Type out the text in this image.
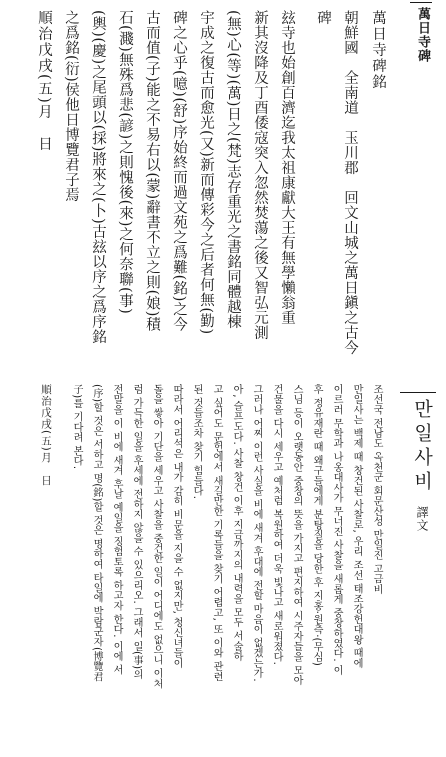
萬日寺碑
萬日寺碑銘
朝鮮國　全南道　玉川郡　回文山城之萬日鎭之古今
碑
玆寺也始創百濟迄我太祖康獻大王有無學懶翁重
新其沒降及丁酉倭寇突入忽然焚蕩之後又智弘元測
(無)心(等)(萬)日之(梵)志存重光之書銘同體越棟
宇成之復古而愈光(又)新而傳彩今之后者何無(勤)
碑之心乎(噫)(舒)序始終而過文苑之爲難(銘)之今
古而值(子)能之不易右以(蒙)辭書不立之則(娘)積
石(濺)無殊爲悲(諺)之則愧後(來)之何奈聯(事)
(輿)(慶)之尾頭以(採)將來之(卜)古玆以序之爲序銘
之爲銘(衍)侯他日博覽君子焉
順治戊戌(五)月　日
만일사비 譯文
조선국 전남도 옥천군 회문산성 만일진 고금비
만일사는 백제 때 창건된 사찰로, 우리 조선 태조강헌대왕 때에
이르러 무학과 나옹대사가 무너진 사찰을 새롭게 중창하였다. 이
후 정유재란 때 왜구들에게 분탕질을 당한 후 지홍·원측·(무심)
스님 등이 오랫동안 중창의 뜻을 가지고 편지하여 시주자들을 모아
건물을 다시 세우고 예처럼 복원하여 더욱 빛나고 새로워졌다.
그러나 어찌 이런 사실을 비에 새겨 후대에 전할 마음이 없겠는가.
아, 슬프도다. 사찰 창건 이후 지금까지의 내력을 모두 서술하
고 싶어도 문헌에서 새길만한 기록들을 찾기 어렵고, 또 이와 관련
된 것들조차 찾기 힘들다.
따라서 어리석은 내가 감히 비문을 지을 수 없지만, 청신녀들이
돌을 쌓아 기단을 세우고 사찰을 중건한 일이 어디에도 없으니 이처
럼 가득한 일을 후세에 전하지 않을 수 있으리오. 그래서 일(事)의
전말을 이 비에 새겨 후날 예일을 징험토록 하고자 한다. 이에 서
(序)할 것은 서하고 명(銘)할 것은 명하여 타일에 박람군자(博覽君
子)를 기다려 본다.
順治戊戌(五)月　日
